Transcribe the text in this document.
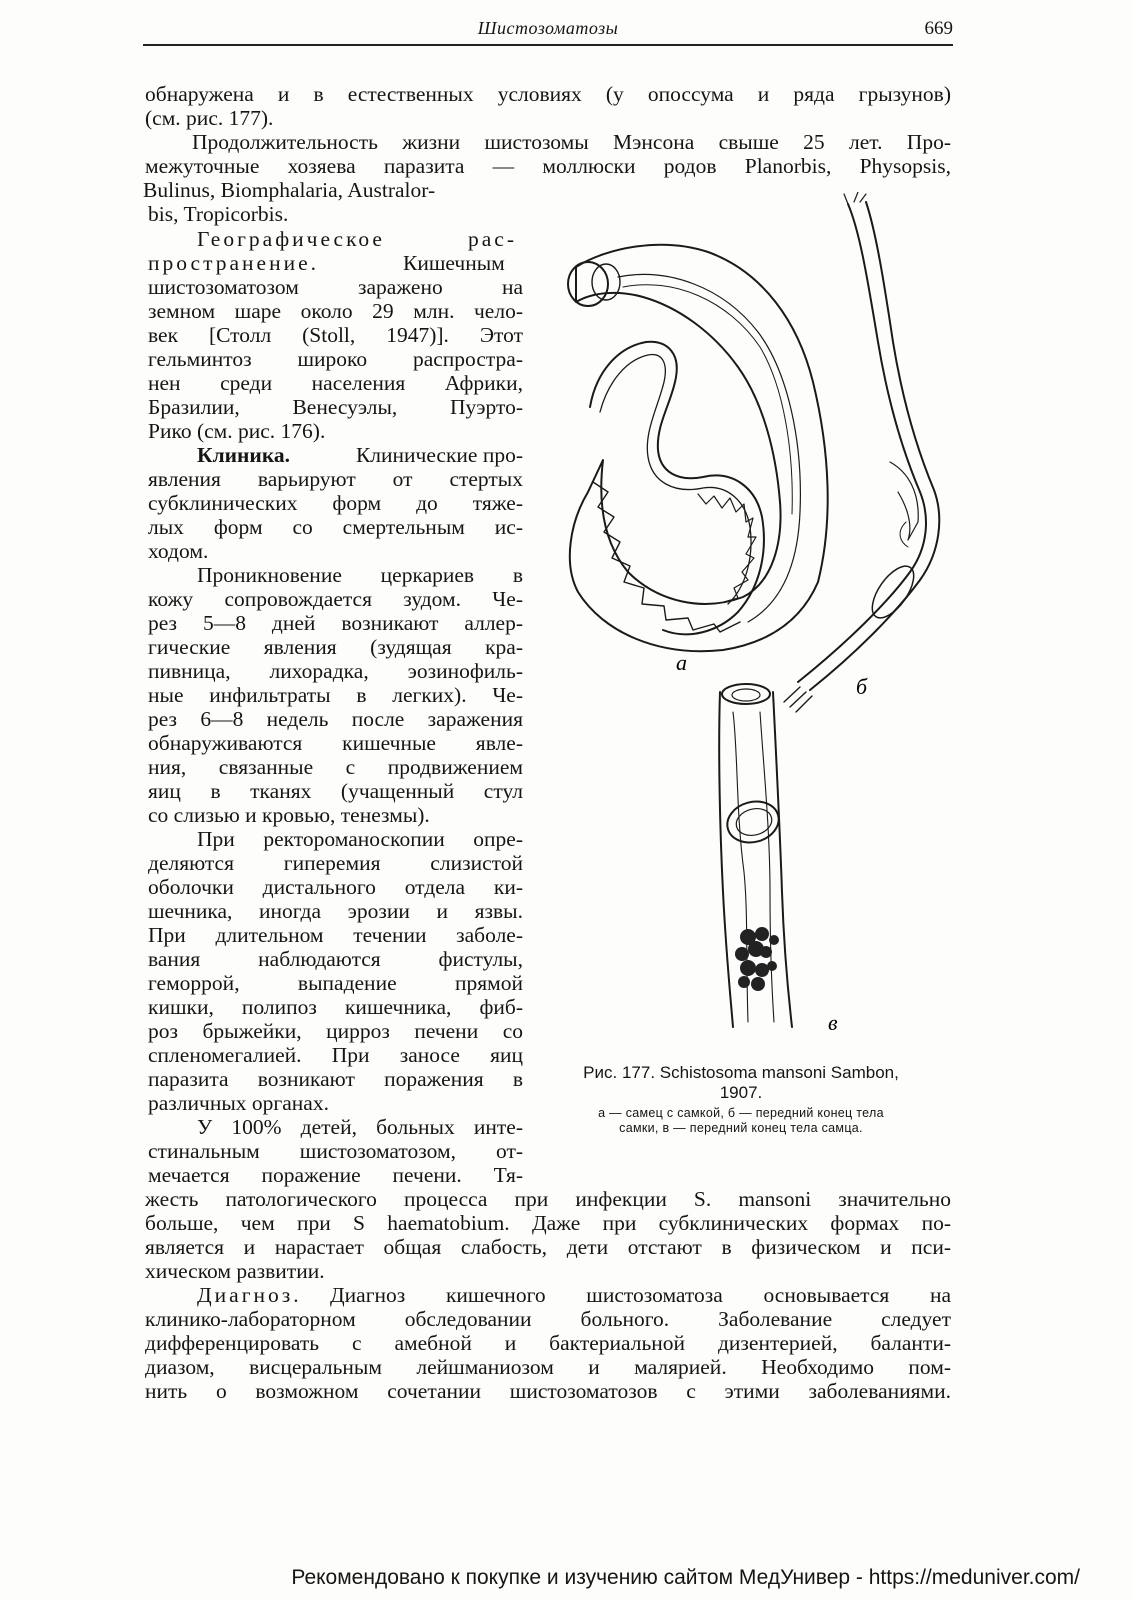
Шистозоматозы	669
обнаружена и в естественных условиях (у опоссума и ряда грызунов)
(см. рис. 177).
Продолжительность жизни шистозомы Мэнсона свыше 25 лет. Про-
межуточные хозяева паразита — моллюски родов Planorbis, Physopsis,
Bulinus, Biomphalaria, Australor-
bis, Tropicorbis.
Географическое	рас-
пространение.	Кишечным
шистозоматозом заражено на
земном шаре около 29 млн. чело-
век [Столл (Stoll, 1947)]. Этот
гельминтоз широко распростра-
нен среди населения Африки,
Бразилии, Венесуэлы, Пуэрто-
Рико (см. рис. 176).
Клиника.	Клинические про-
явления варьируют от стертых
субклинических форм до тяже-
лых форм со смертельным ис-
ходом.
Проникновение церкариев в
кожу сопровождается зудом. Че-
рез 5—8 дней возникают аллер-
гические явления (зудящая кра-
пивница, лихорадка, эозинофиль-
ные инфильтраты в легких). Че-
рез 6—8 недель после заражения
обнаруживаются кишечные явле-
ния, связанные с продвижением
яиц в тканях (учащенный стул
со слизью и кровью, тенезмы).
При ректороманоскопии опре-
деляются гиперемия слизистой
оболочки дистального отдела ки-
шечника, иногда эрозии и язвы.
При длительном течении заболе-
вания наблюдаются фистулы,
геморрой, выпадение прямой
кишки, полипоз кишечника, фиб-
роз брыжейки, цирроз печени со
спленомегалией. При заносе яиц
паразита возникают поражения в
различных органах.
У 100% детей, больных инте-
стинальным шистозоматозом, от-
мечается поражение печени. Тя-
жесть патологического процесса при инфекции S. mansoni значительно
больше, чем при S haematobium. Даже при субклинических формах по-
является и нарастает общая слабость, дети отстают в физическом и пси-
хическом развитии.
Диагноз. Диагноз кишечного шистозоматоза основывается на
клинико-лабораторном обследовании больного. Заболевание следует
дифференцировать с амебной и бактериальной дизентерией, баланти-
диазом, висцеральным лейшманиозом и малярией. Необходимо пом-
нить о возможном сочетании шистозоматозов с этими заболеваниями.
а
б
в
Рис. 177. Schistosoma mansoni Sambon,
1907.
а — самец с самкой, б — передний конец тела
самки, в — передний конец тела самца.
Рекомендовано к покупке и изучению сайтом МедУнивер - https://meduniver.com/
